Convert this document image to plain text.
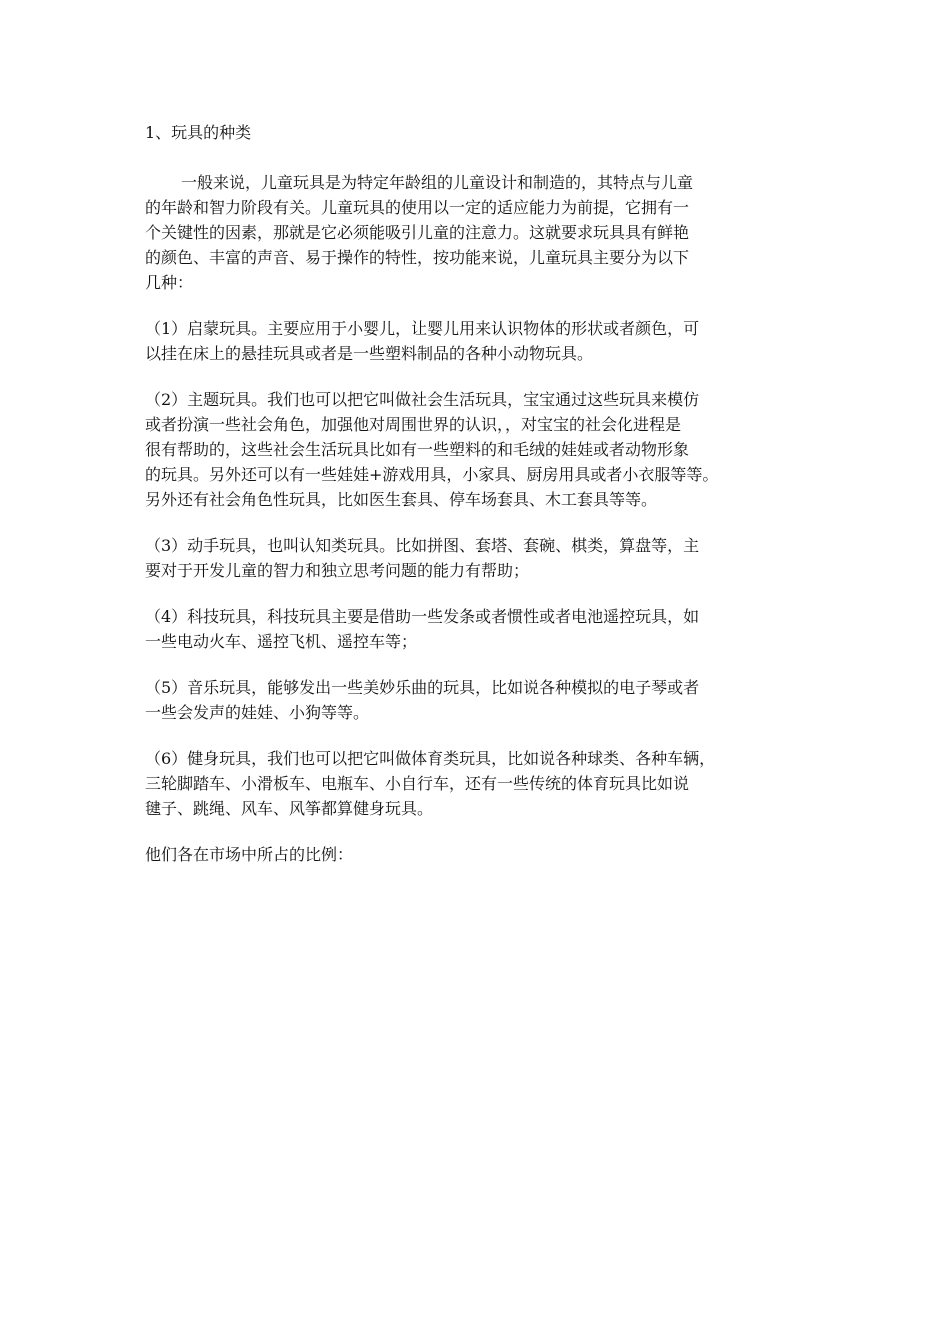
1、玩具的种类
一般来说，儿童玩具是为特定年龄组的儿童设计和制造的，其特点与儿童
的年龄和智力阶段有关。儿童玩具的使用以一定的适应能力为前提，它拥有一
个关键性的因素，那就是它必须能吸引儿童的注意力。这就要求玩具具有鲜艳
的颜色、丰富的声音、易于操作的特性，按功能来说，儿童玩具主要分为以下
几种：
（1）启蒙玩具。主要应用于小婴儿，让婴儿用来认识物体的形状或者颜色，可
以挂在床上的悬挂玩具或者是一些塑料制品的各种小动物玩具。
（2）主题玩具。我们也可以把它叫做社会生活玩具，宝宝通过这些玩具来模仿
或者扮演一些社会角色，加强他对周围世界的认识，，对宝宝的社会化进程是
很有帮助的，这些社会生活玩具比如有一些塑料的和毛绒的娃娃或者动物形象
的玩具。另外还可以有一些娃娃+游戏用具，小家具、厨房用具或者小衣服等等。
另外还有社会角色性玩具，比如医生套具、停车场套具、木工套具等等。
（3）动手玩具，也叫认知类玩具。比如拼图、套塔、套碗、棋类，算盘等，主
要对于开发儿童的智力和独立思考问题的能力有帮助；
（4）科技玩具，科技玩具主要是借助一些发条或者惯性或者电池遥控玩具，如
一些电动火车、遥控飞机、遥控车等；
（5）音乐玩具，能够发出一些美妙乐曲的玩具，比如说各种模拟的电子琴或者
一些会发声的娃娃、小狗等等。
（6）健身玩具，我们也可以把它叫做体育类玩具，比如说各种球类、各种车辆，
三轮脚踏车、小滑板车、电瓶车、小自行车，还有一些传统的体育玩具比如说
毽子、跳绳、风车、风筝都算健身玩具。
他们各在市场中所占的比例：
